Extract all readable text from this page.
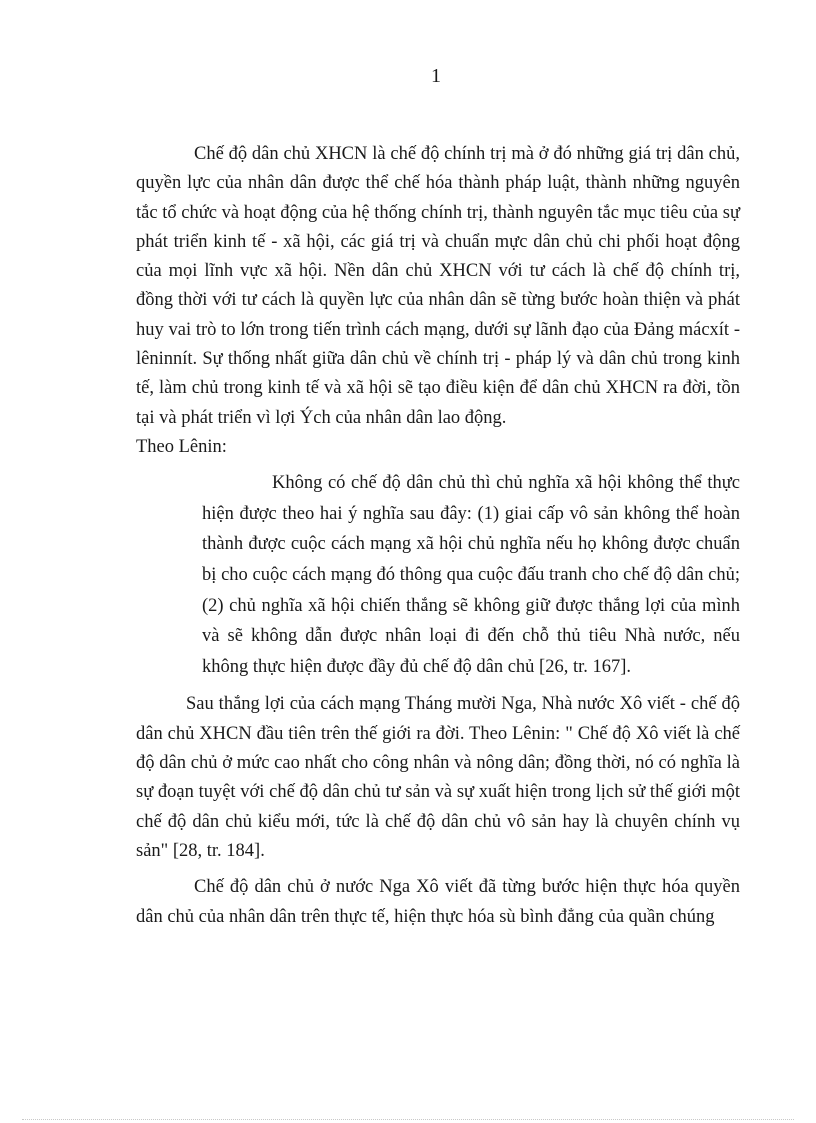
1

Chế độ dân chủ XHCN là chế độ chính trị mà ở đó những giá trị dân chủ, quyền lực của nhân dân được thể chế hóa thành pháp luật, thành những nguyên tắc tổ chức và hoạt động của hệ thống chính trị, thành nguyên tắc mục tiêu của sự phát triển kinh tế - xã hội, các giá trị và chuẩn mực dân chủ chi phối hoạt động của mọi lĩnh vực xã hội. Nền dân chủ XHCN với tư cách là chế độ chính trị, đồng thời với tư cách là quyền lực của nhân dân sẽ từng bước hoàn thiện và phát huy vai trò to lớn trong tiến trình cách mạng, dưới sự lãnh đạo của Đảng mácxít - lêninnít. Sự thống nhất giữa dân chủ về chính trị - pháp lý và dân chủ trong kinh tế, làm chủ trong kinh tế và xã hội sẽ tạo điều kiện để dân chủ XHCN ra đời, tồn tại và phát triển vì lợi Ých của nhân dân lao động.

Theo Lênin:

Không có chế độ dân chủ thì chủ nghĩa xã hội không thể thực hiện được theo hai ý nghĩa sau đây: (1) giai cấp vô sản không thể hoàn thành được cuộc cách mạng xã hội chủ nghĩa nếu họ không được chuẩn bị cho cuộc cách mạng đó thông qua cuộc đấu tranh cho chế độ dân chủ; (2) chủ nghĩa xã hội chiến thắng sẽ không giữ được thắng lợi của mình và sẽ không dẫn được nhân loại đi đến chỗ thủ tiêu Nhà nước, nếu không thực hiện được đầy đủ chế độ dân chủ [26, tr. 167].

Sau thắng lợi của cách mạng Tháng mười Nga, Nhà nước Xô viết - chế độ dân chủ XHCN đầu tiên trên thế giới ra đời. Theo Lênin: " Chế độ Xô viết là chế độ dân chủ ở mức cao nhất cho công nhân và nông dân; đồng thời, nó có nghĩa là sự đoạn tuyệt với chế độ dân chủ tư sản và sự xuất hiện trong lịch sử thế giới một chế độ dân chủ kiểu mới, tức là chế độ dân chủ vô sản hay là chuyên chính vụ sản" [28, tr. 184].

Chế độ dân chủ ở nước Nga Xô viết đã từng bước hiện thực hóa quyền dân chủ của nhân dân trên thực tế, hiện thực hóa sù bình đẳng của quần chúng
